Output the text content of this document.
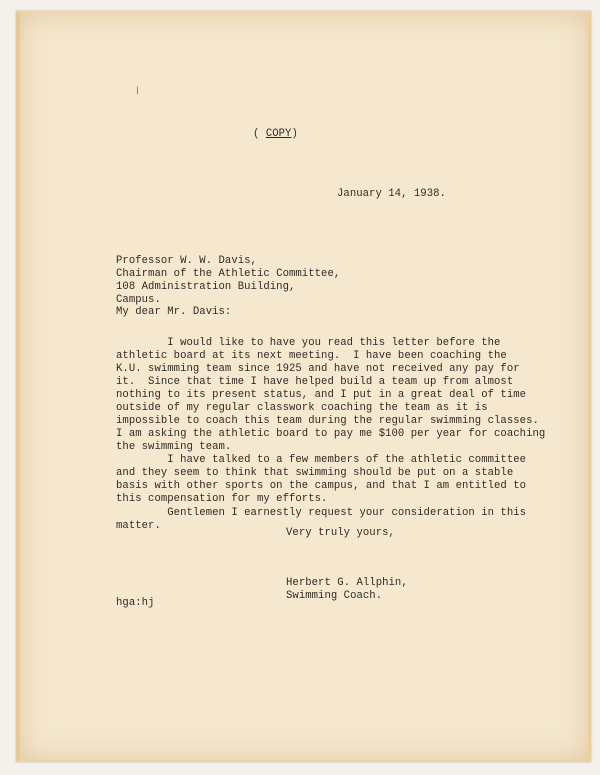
l
( COPY)
January 14, 1938.

Professor W. W. Davis,
Chairman of the Athletic Committee,
108 Administration Building,
Campus.

My dear Mr. Davis:

I would like to have you read this letter before the
athletic board at its next meeting.  I have been coaching the
K.U. swimming team since 1925 and have not received any pay for
it.  Since that time I have helped build a team up from almost
nothing to its present status, and I put in a great deal of time
outside of my regular classwork coaching the team as it is
impossible to coach this team during the regular swimming classes.
I am asking the athletic board to pay me $100 per year for coaching
the swimming team.

I have talked to a few members of the athletic committee
and they seem to think that swimming should be put on a stable
basis with other sports on the campus, and that I am entitled to
this compensation for my efforts.

Gentlemen I earnestly request your consideration in this
matter.

Very truly yours,

Herbert G. Allphin,
Swimming Coach.

hga:hj
